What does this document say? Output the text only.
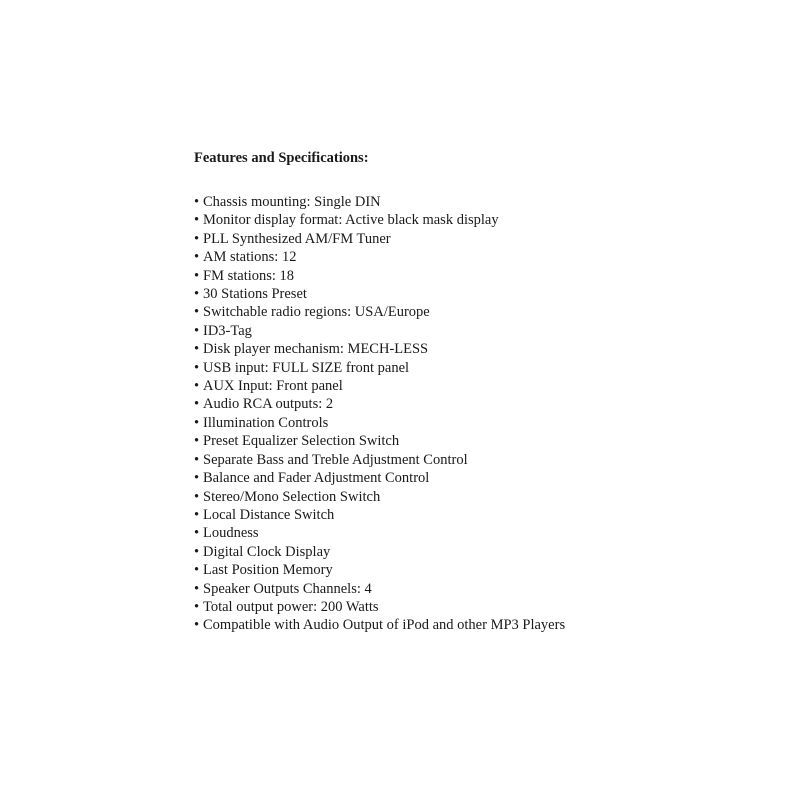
Features and Specifications:

• Chassis mounting: Single DIN
• Monitor display format: Active black mask display
• PLL Synthesized AM/FM Tuner
• AM stations: 12
• FM stations: 18
• 30 Stations Preset
• Switchable radio regions: USA/Europe
• ID3-Tag
• Disk player mechanism: MECH-LESS
• USB input: FULL SIZE front panel
• AUX Input: Front panel
• Audio RCA outputs: 2
• Illumination Controls
• Preset Equalizer Selection Switch
• Separate Bass and Treble Adjustment Control
• Balance and Fader Adjustment Control
• Stereo/Mono Selection Switch
• Local Distance Switch
• Loudness
• Digital Clock Display
• Last Position Memory
• Speaker Outputs Channels: 4
• Total output power: 200 Watts
• Compatible with Audio Output of iPod and other MP3 Players
